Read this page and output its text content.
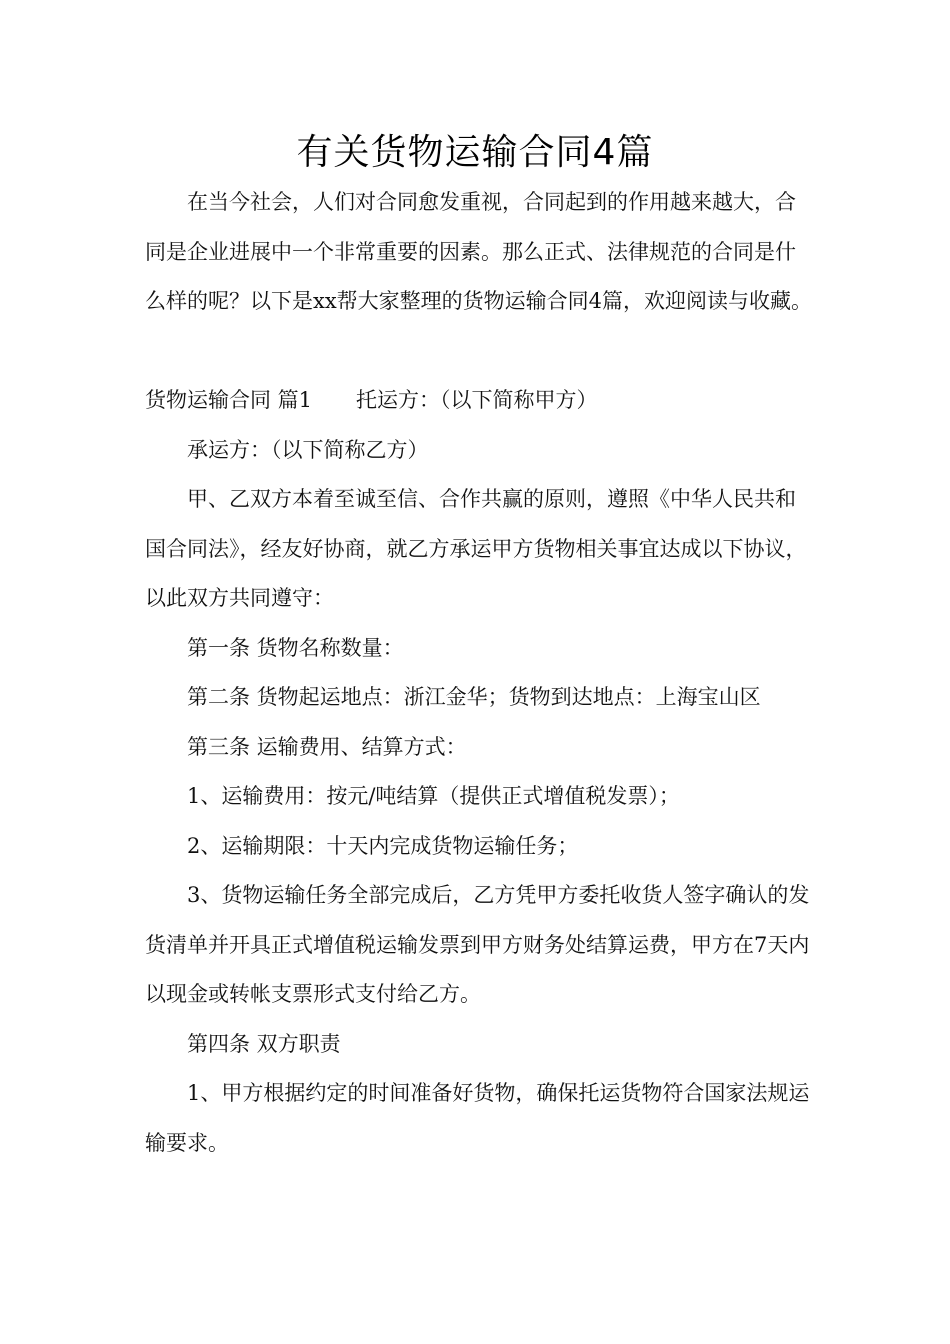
有关货物运输合同4篇

在当今社会，人们对合同愈发重视，合同起到的作用越来越大，合同是企业进展中一个非常重要的因素。那么正式、法律规范的合同是什么样的呢？以下是xx帮大家整理的货物运输合同4篇，欢迎阅读与收藏。

货物运输合同 篇1 托运方：（以下简称甲方）

承运方：（以下简称乙方）

甲、乙双方本着至诚至信、合作共赢的原则，遵照《中华人民共和国合同法》，经友好协商，就乙方承运甲方货物相关事宜达成以下协议，以此双方共同遵守：

第一条 货物名称数量：

第二条 货物起运地点：浙江金华；货物到达地点：上海宝山区

第三条 运输费用、结算方式：

1、运输费用：按元/吨结算（提供正式增值税发票）；

2、运输期限：十天内完成货物运输任务；

3、货物运输任务全部完成后，乙方凭甲方委托收货人签字确认的发货清单并开具正式增值税运输发票到甲方财务处结算运费，甲方在7天内以现金或转帐支票形式支付给乙方。

第四条 双方职责

1、甲方根据约定的时间准备好货物，确保托运货物符合国家法规运输要求。
